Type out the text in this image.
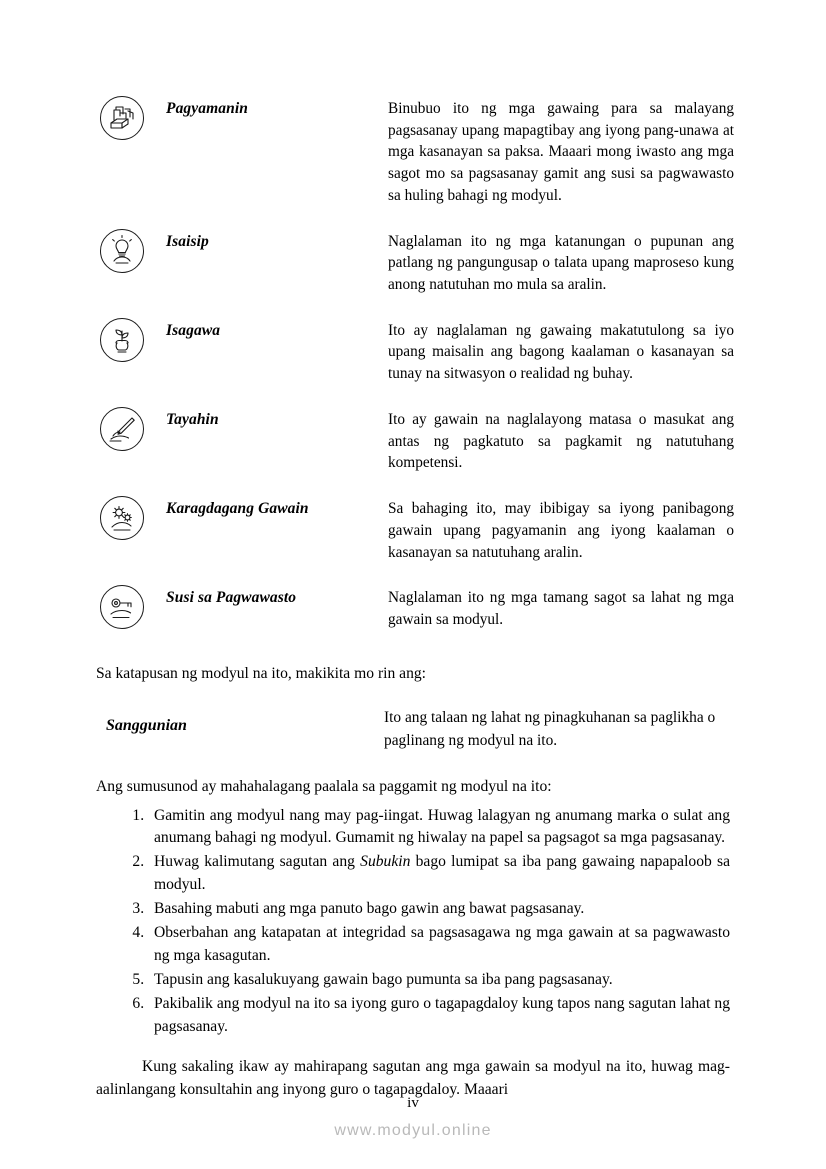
	Pagyamanin	Binubuo ito ng mga gawaing para sa malayang pagsasanay upang mapagtibay ang iyong pang-unawa at mga kasanayan sa paksa. Maaari mong iwasto ang mga sagot mo sa pagsasanay gamit ang susi sa pagwawasto sa huling bahagi ng modyul.

	Isaisip	Naglalaman ito ng mga katanungan o pupunan ang patlang ng pangungusap o talata upang maproseso kung anong natutuhan mo mula sa aralin.

	Isagawa	Ito ay naglalaman ng gawaing makatutulong sa iyo upang maisalin ang bagong kaalaman o kasanayan sa tunay na sitwasyon o realidad ng buhay.

	Tayahin	Ito ay gawain na naglalayong matasa o masukat ang antas ng pagkatuto sa pagkamit ng natutuhang kompetensi.

	Karagdagang Gawain	Sa bahaging ito, may ibibigay sa iyong panibagong gawain upang pagyamanin ang iyong kaalaman o kasanayan sa natutuhang aralin.

	Susi sa Pagwawasto	Naglalaman ito ng mga tamang sagot sa lahat ng mga gawain sa modyul.

Sa katapusan ng modyul na ito, makikita mo rin ang:

Sanggunian	Ito ang talaan ng lahat ng pinagkuhanan sa paglikha o paglinang ng modyul na ito.

Ang sumusunod ay mahahalagang paalala sa paggamit ng modyul na ito:

1. Gamitin ang modyul nang may pag-iingat. Huwag lalagyan ng anumang marka o sulat ang anumang bahagi ng modyul. Gumamit ng hiwalay na papel sa pagsagot sa mga pagsasanay.
2. Huwag kalimutang sagutan ang Subukin bago lumipat sa iba pang gawaing napapaloob sa modyul.
3. Basahing mabuti ang mga panuto bago gawin ang bawat pagsasanay.
4. Obserbahan ang katapatan at integridad sa pagsasagawa ng mga gawain at sa pagwawasto ng mga kasagutan.
5. Tapusin ang kasalukuyang gawain bago pumunta sa iba pang pagsasanay.
6. Pakibalik ang modyul na ito sa iyong guro o tagapagdaloy kung tapos nang sagutan lahat ng pagsasanay.

Kung sakaling ikaw ay mahirapang sagutan ang mga gawain sa modyul na ito, huwag mag-aalinlangang konsultahin ang inyong guro o tagapagdaloy. Maaari

iv
www.modyul.online
